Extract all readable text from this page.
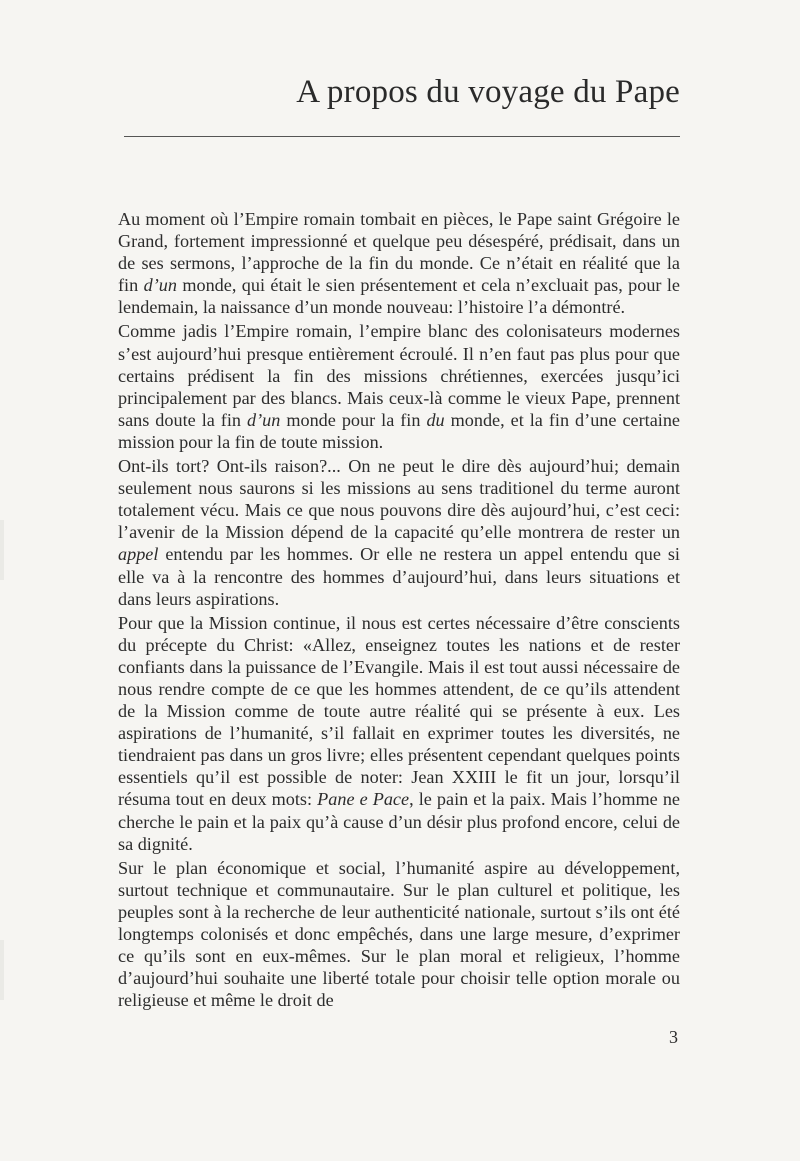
A propos du voyage du Pape

Au moment où l’Empire romain tombait en pièces, le Pape saint Grégoire le Grand, fortement impressionné et quelque peu désespéré, prédisait, dans un de ses sermons, l’approche de la fin du monde. Ce n’était en réalité que la fin d’un monde, qui était le sien présentement et cela n’excluait pas, pour le lendemain, la naissance d’un monde nouveau: l’histoire l’a démontré.

Comme jadis l’Empire romain, l’empire blanc des colonisateurs modernes s’est aujourd’hui presque entièrement écroulé. Il n’en faut pas plus pour que certains prédisent la fin des missions chrétiennes, exercées jusqu’ici principalement par des blancs. Mais ceux-là comme le vieux Pape, prennent sans doute la fin d’un monde pour la fin du monde, et la fin d’une certaine mission pour la fin de toute mission.

Ont-ils tort? Ont-ils raison?... On ne peut le dire dès aujourd’hui; demain seulement nous saurons si les missions au sens traditionel du terme auront totalement vécu. Mais ce que nous pouvons dire dès aujourd’hui, c’est ceci: l’avenir de la Mission dépend de la capacité qu’elle montrera de rester un appel entendu par les hommes. Or elle ne restera un appel entendu que si elle va à la rencontre des hommes d’aujourd’hui, dans leurs situations et dans leurs aspirations.

Pour que la Mission continue, il nous est certes nécessaire d’être conscients du précepte du Christ: «Allez, enseignez toutes les nations et de rester confiants dans la puissance de l’Evangile. Mais il est tout aussi nécessaire de nous rendre compte de ce que les hommes attendent, de ce qu’ils attendent de la Mission comme de toute autre réalité qui se présente à eux. Les aspirations de l’humanité, s’il fallait en exprimer toutes les diversités, ne tiendraient pas dans un gros livre; elles présentent cependant quelques points essentiels qu’il est possible de noter: Jean XXIII le fit un jour, lorsqu’il résuma tout en deux mots: Pane e Pace, le pain et la paix. Mais l’homme ne cherche le pain et la paix qu’à cause d’un désir plus profond encore, celui de sa dignité.

Sur le plan économique et social, l’humanité aspire au développement, surtout technique et communautaire. Sur le plan culturel et politique, les peuples sont à la recherche de leur authenticité nationale, surtout s’ils ont été longtemps colonisés et donc empêchés, dans une large mesure, d’exprimer ce qu’ils sont en eux-mêmes. Sur le plan moral et religieux, l’homme d’aujourd’hui souhaite une liberté totale pour choisir telle option morale ou religieuse et même le droit de

3
